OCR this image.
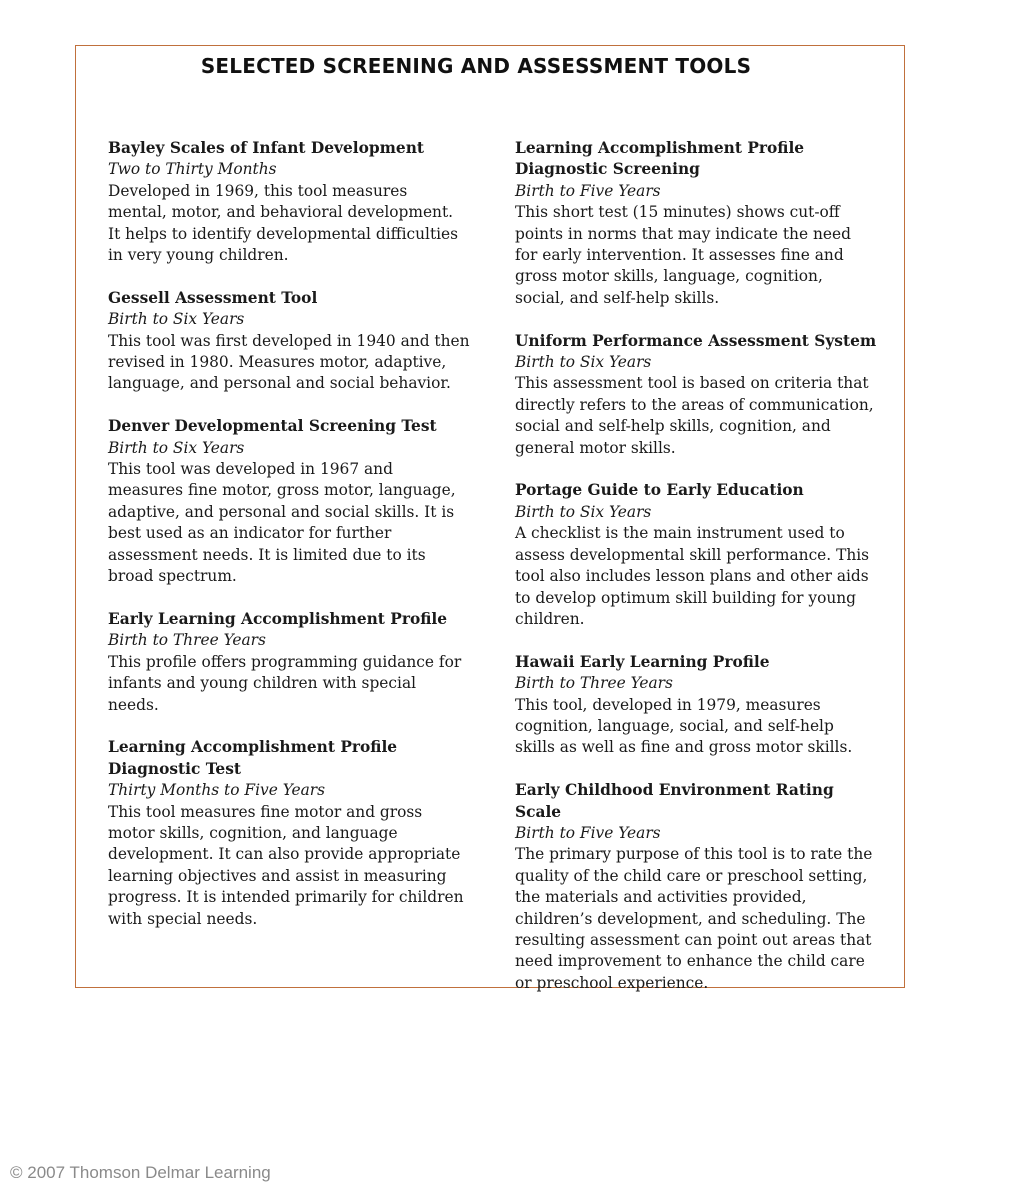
SELECTED SCREENING AND ASSESSMENT TOOLS
Bayley Scales of Infant Development
Two to Thirty Months
Developed in 1969, this tool measures mental, motor, and behavioral development. It helps to identify developmental difficulties in very young children.
Gessell Assessment Tool
Birth to Six Years
This tool was first developed in 1940 and then revised in 1980. Measures motor, adaptive, language, and personal and social behavior.
Denver Developmental Screening Test
Birth to Six Years
This tool was developed in 1967 and measures fine motor, gross motor, language, adaptive, and personal and social skills. It is best used as an indicator for further assessment needs. It is limited due to its broad spectrum.
Early Learning Accomplishment Profile
Birth to Three Years
This profile offers programming guidance for infants and young children with special needs.
Learning Accomplishment Profile Diagnostic Test
Thirty Months to Five Years
This tool measures fine motor and gross motor skills, cognition, and language development. It can also provide appropriate learning objectives and assist in measuring progress. It is intended primarily for children with special needs.
Learning Accomplishment Profile Diagnostic Screening
Birth to Five Years
This short test (15 minutes) shows cut-off points in norms that may indicate the need for early intervention. It assesses fine and gross motor skills, language, cognition, social, and self-help skills.
Uniform Performance Assessment System
Birth to Six Years
This assessment tool is based on criteria that directly refers to the areas of communication, social and self-help skills, cognition, and general motor skills.
Portage Guide to Early Education
Birth to Six Years
A checklist is the main instrument used to assess developmental skill performance. This tool also includes lesson plans and other aids to develop optimum skill building for young children.
Hawaii Early Learning Profile
Birth to Three Years
This tool, developed in 1979, measures cognition, language, social, and self-help skills as well as fine and gross motor skills.
Early Childhood Environment Rating Scale
Birth to Five Years
The primary purpose of this tool is to rate the quality of the child care or preschool setting, the materials and activities provided, children’s development, and scheduling. The resulting assessment can point out areas that need improvement to enhance the child care or preschool experience.
© 2007 Thomson Delmar Learning
